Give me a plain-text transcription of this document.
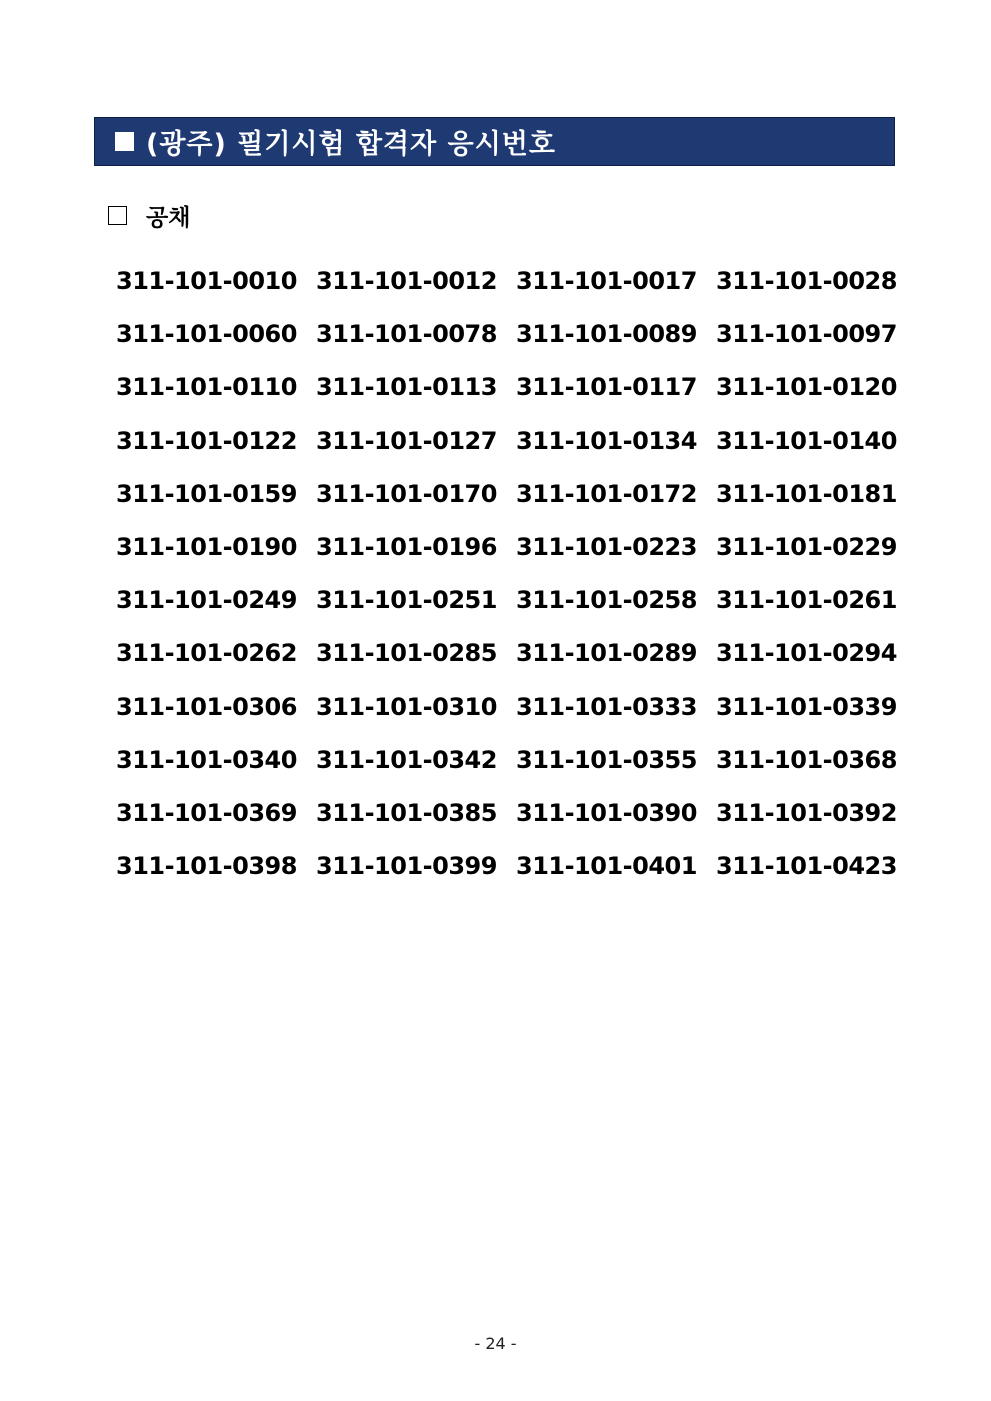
(광주) 필기시험 합격자 응시번호
공채
311-101-0010 311-101-0012 311-101-0017 311-101-0028
311-101-0060 311-101-0078 311-101-0089 311-101-0097
311-101-0110 311-101-0113 311-101-0117 311-101-0120
311-101-0122 311-101-0127 311-101-0134 311-101-0140
311-101-0159 311-101-0170 311-101-0172 311-101-0181
311-101-0190 311-101-0196 311-101-0223 311-101-0229
311-101-0249 311-101-0251 311-101-0258 311-101-0261
311-101-0262 311-101-0285 311-101-0289 311-101-0294
311-101-0306 311-101-0310 311-101-0333 311-101-0339
311-101-0340 311-101-0342 311-101-0355 311-101-0368
311-101-0369 311-101-0385 311-101-0390 311-101-0392
311-101-0398 311-101-0399 311-101-0401 311-101-0423
- 24 -
